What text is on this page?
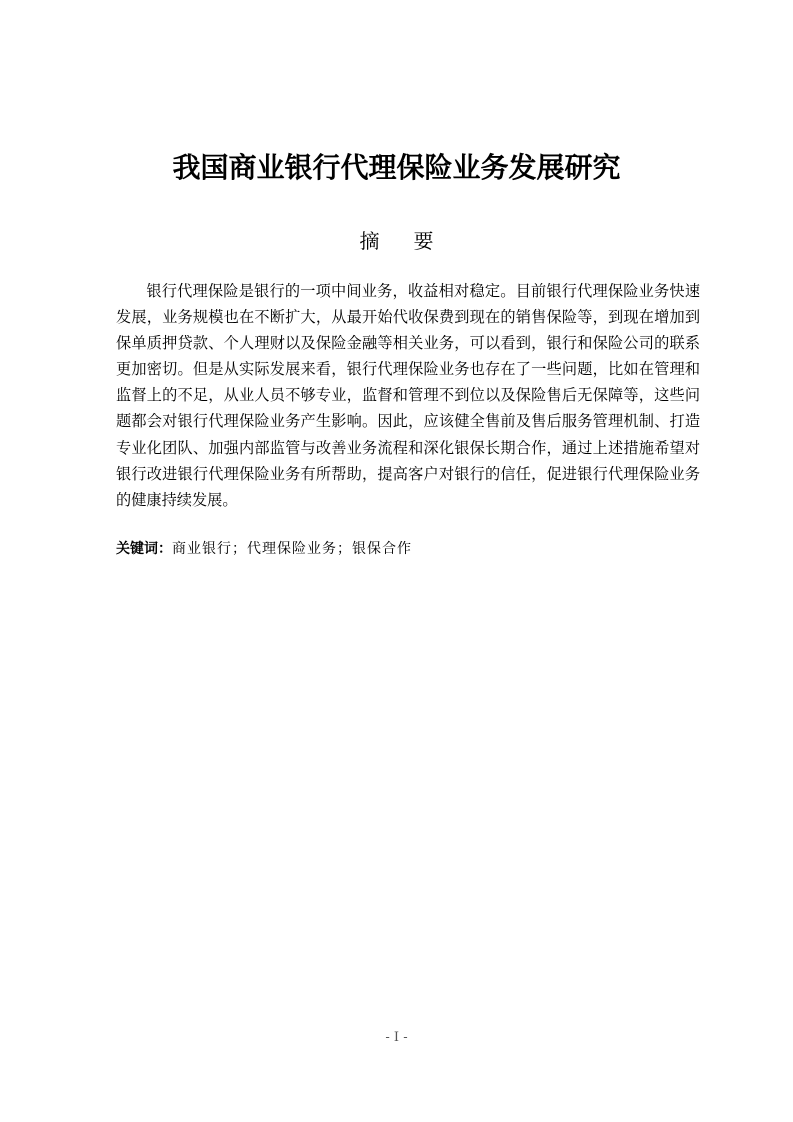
我国商业银行代理保险业务发展研究
摘 要

银行代理保险是银行的一项中间业务，收益相对稳定。目前银行代理保险业务快速发展，业务规模也在不断扩大，从最开始代收保费到现在的销售保险等，到现在增加到保单质押贷款、个人理财以及保险金融等相关业务，可以看到，银行和保险公司的联系更加密切。但是从实际发展来看，银行代理保险业务也存在了一些问题，比如在管理和监督上的不足，从业人员不够专业，监督和管理不到位以及保险售后无保障等，这些问题都会对银行代理保险业务产生影响。因此，应该健全售前及售后服务管理机制、打造专业化团队、加强内部监管与改善业务流程和深化银保长期合作，通过上述措施希望对银行改进银行代理保险业务有所帮助，提高客户对银行的信任，促进银行代理保险业务的健康持续发展。

关键词：商业银行；代理保险业务；银保合作

- I -
